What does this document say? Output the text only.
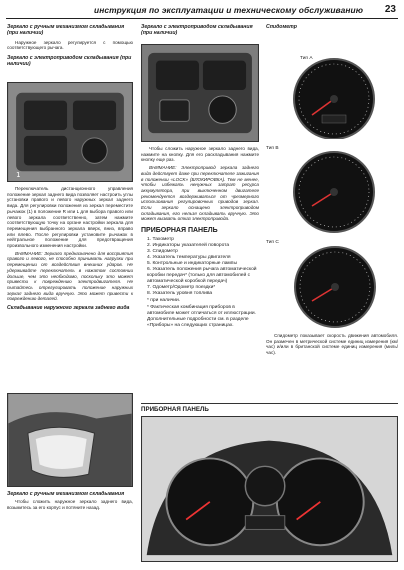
инструкция по эксплуатации и техническому обслуживанию 23
Зеркало с ручным механизмом складывания (при наличии)
Наружное зеркало регулируется с помощью соответствующего рычага.
Зеркало с электроприводом складывания (при наличии)
1
Переключатель дистанционного управления положение зеркал заднего вида позволяет настроить углы установки правого и левого наружных зеркал заднего вида. Для регулировки положения из зеркал переместите рычажок (1) в положение R или L для выбора правого или левого зеркала соответственно, затем нажмите соответствующую точку на органе настройки зеркала для перемещения выбранного зеркала вверх, вниз, вправо или влево. После регулировки установите рычажок в нейтральное положение для предотвращения произвольного изменения настройки.
ВНИМАНИЕ: Зеркало предназначено для восприятия правого и левого, не способно принимать нагрузки при перемещении от воздействия внешних ударов. Не удерживайте переключатель в нажатом состоянии дольше, чем это необходимо, поскольку это может привести к повреждению электродвигателя. Не пытайтесь отрегулировать положение наружных зеркал заднего вида вручную. Это может привести к повреждению деталей.
Складывание наружного зеркала заднего вида
Зеркало с ручным механизмом складывания
Чтобы сложить наружное зеркало заднего вида, возьмитесь за его корпус и потяните назад.
Зеркало с электроприводом складывания (при наличии)
Чтобы сложить наружное зеркало заднего вида, нажмите на кнопку. Для его раскладывания нажмите кнопку еще раз.
ВНИМАНИЕ: Электропривод зеркала заднего вида действует даже при переключателе зажигания в положении «LOCK» (БЛОКИРОВКА). Тем не менее, чтобы избежать ненужных затрат ресурса аккумулятора, при выключенном двигателе рекомендуется воздерживаться от чрезмерного использования регулировочных приводов зеркал. Если зеркало оснащено электроприводом складывания, его нельзя складывать вручную. Это может вызвать отказ электропривода.
ПРИБОРНАЯ ПАНЕЛЬ
1. Тахометр
2. Индикаторы указателей поворота
3. Спидометр
4. Указатель температуры двигателя
5. Контрольные и индикаторные лампы
6. Указатель положения рычага автоматической коробки передач* (только для автомобилей с автоматической коробкой передач)
7. Одометр/Одометр поездки*
8. Указатель уровня топлива
* при наличии.
* Фактическая комбинация приборов в автомобиле может отличаться от иллюстрации. Дополнительные подробности см. в разделе «Приборы» на следующих страницах.
Спидометр
Тип А
Тип B
Тип C
Спидометр показывает скорость движения автомобиля. Он размечен в метрической системе единиц измерения (км/час) и/или в британской системе единиц измерения (миль/час).
ПРИБОРНАЯ ПАНЕЛЬ
